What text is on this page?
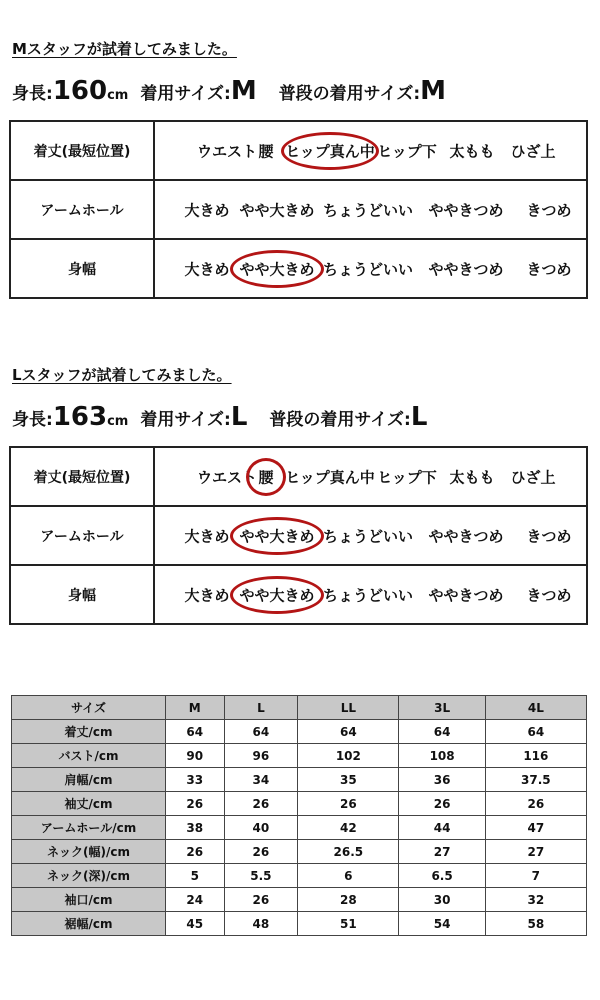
Mスタッフが試着してみました。
身長: 160 cm 着用サイズ: M 普段の着用サイズ: M
着丈(最短位置)	ウエスト 腰 ヒップ真ん中 ヒップ下 太もも ひざ上
アームホール	大きめ やや大きめ ちょうどいい ややきつめ きつめ
身幅	大きめ やや大きめ ちょうどいい ややきつめ きつめ
Lスタッフが試着してみました。
身長: 163 cm 着用サイズ: L 普段の着用サイズ: L
着丈(最短位置)	ウエスト 腰 ヒップ真ん中 ヒップ下 太もも ひざ上
アームホール	大きめ やや大きめ ちょうどいい ややきつめ きつめ
身幅	大きめ やや大きめ ちょうどいい ややきつめ きつめ
サイズ	M	L	LL	3L	4L
着丈/cm	64	64	64	64	64
バスト/cm	90	96	102	108	116
肩幅/cm	33	34	35	36	37.5
袖丈/cm	26	26	26	26	26
アームホール/cm	38	40	42	44	47
ネック(幅)/cm	26	26	26.5	27	27
ネック(深)/cm	5	5.5	6	6.5	7
袖口/cm	24	26	28	30	32
裾幅/cm	45	48	51	54	58
